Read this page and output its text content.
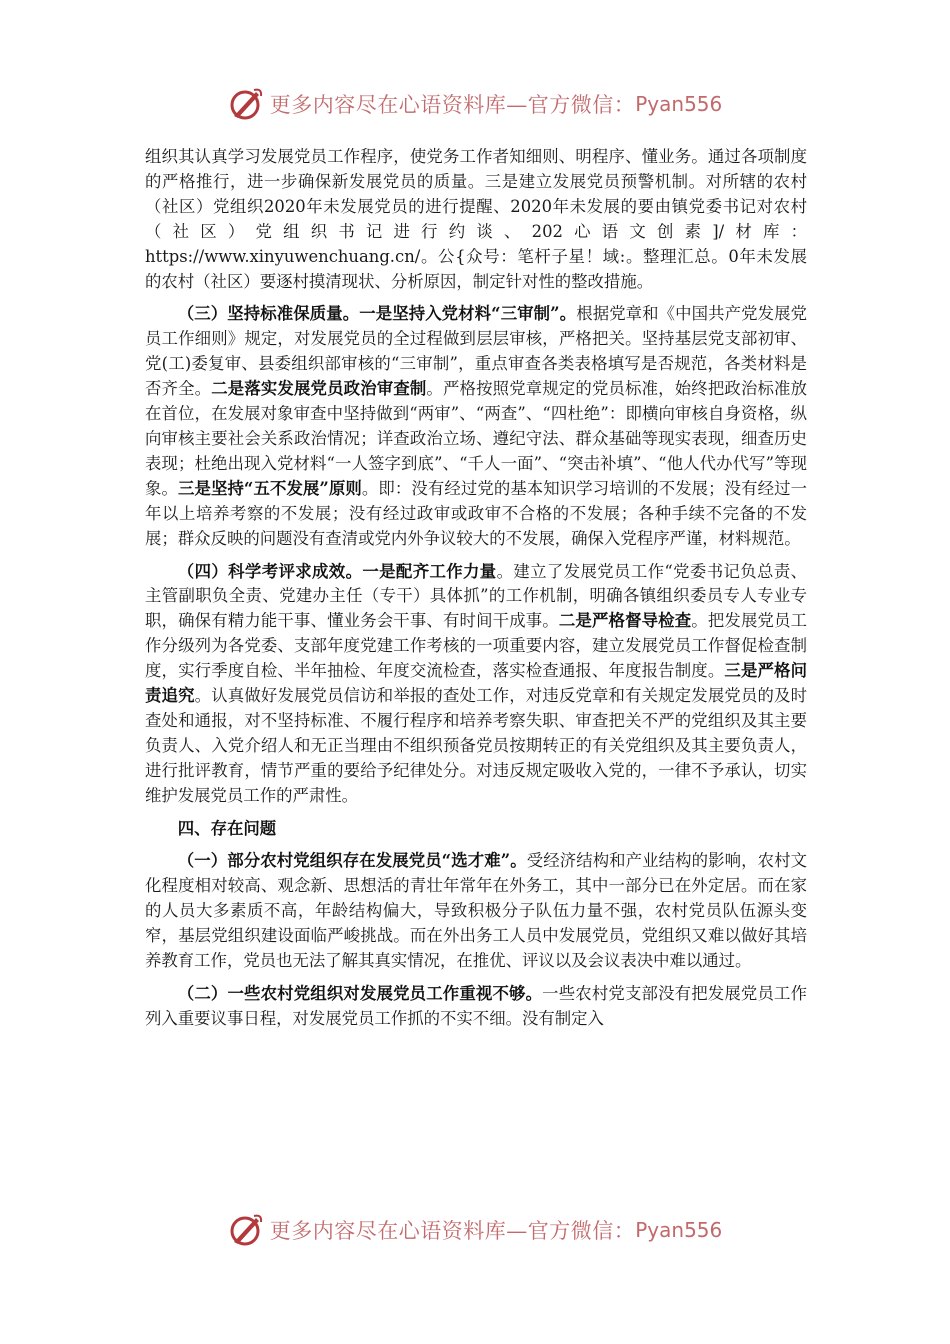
更多内容尽在心语资料库—官方微信： Pyan556

组织其认真学习发展党员工作程序，使党务工作者知细则、明程序、懂业务。通过各项制度的严格推行，进一步确保新发展党员的质量。三是建立发展党员预警机制。对所辖的农村（社区）党组织2020年未发展党员的进行提醒、2020年未发展的要由镇党委书记对农村（社区）党组织书记进行约谈、202心语文创素]/材库：https://www.xinyuwenchuang.cn/。公{众号：笔杆子星！域:。整理汇总。0年未发展的农村（社区）要逐村摸清现状、分析原因，制定针对性的整改措施。

（三）坚持标准保质量。一是坚持入党材料“三审制”。根据党章和《中国共产党发展党员工作细则》规定，对发展党员的全过程做到层层审核，严格把关。坚持基层党支部初审、党(工)委复审、县委组织部审核的“三审制”，重点审查各类表格填写是否规范，各类材料是否齐全。二是落实发展党员政治审查制。严格按照党章规定的党员标准，始终把政治标准放在首位，在发展对象审查中坚持做到“两审”、“两查”、“四杜绝”：即横向审核自身资格，纵向审核主要社会关系政治情况；详查政治立场、遵纪守法、群众基础等现实表现，细查历史表现；杜绝出现入党材料“一人签字到底”、“千人一面”、“突击补填”、“他人代办代写”等现象。三是坚持“五不发展”原则。即：没有经过党的基本知识学习培训的不发展；没有经过一年以上培养考察的不发展；没有经过政审或政审不合格的不发展；各种手续不完备的不发展；群众反映的问题没有查清或党内外争议较大的不发展，确保入党程序严谨，材料规范。

（四）科学考评求成效。一是配齐工作力量。建立了发展党员工作“党委书记负总责、主管副职负全责、党建办主任（专干）具体抓”的工作机制，明确各镇组织委员专人专业专职，确保有精力能干事、懂业务会干事、有时间干成事。二是严格督导检查。把发展党员工作分级列为各党委、支部年度党建工作考核的一项重要内容，建立发展党员工作督促检查制度，实行季度自检、半年抽检、年度交流检查，落实检查通报、年度报告制度。三是严格问责追究。认真做好发展党员信访和举报的查处工作，对违反党章和有关规定发展党员的及时查处和通报，对不坚持标准、不履行程序和培养考察失职、审查把关不严的党组织及其主要负责人、入党介绍人和无正当理由不组织预备党员按期转正的有关党组织及其主要负责人，进行批评教育，情节严重的要给予纪律处分。对违反规定吸收入党的，一律不予承认，切实维护发展党员工作的严肃性。

四、存在问题

（一）部分农村党组织存在发展党员“选才难”。受经济结构和产业结构的影响，农村文化程度相对较高、观念新、思想活的青壮年常年在外务工，其中一部分已在外定居。而在家的人员大多素质不高，年龄结构偏大，导致积极分子队伍力量不强，农村党员队伍源头变窄，基层党组织建设面临严峻挑战。而在外出务工人员中发展党员，党组织又难以做好其培养教育工作，党员也无法了解其真实情况，在推优、评议以及会议表决中难以通过。

（二）一些农村党组织对发展党员工作重视不够。一些农村党支部没有把发展党员工作列入重要议事日程，对发展党员工作抓的不实不细。没有制定入

更多内容尽在心语资料库—官方微信： Pyan556
